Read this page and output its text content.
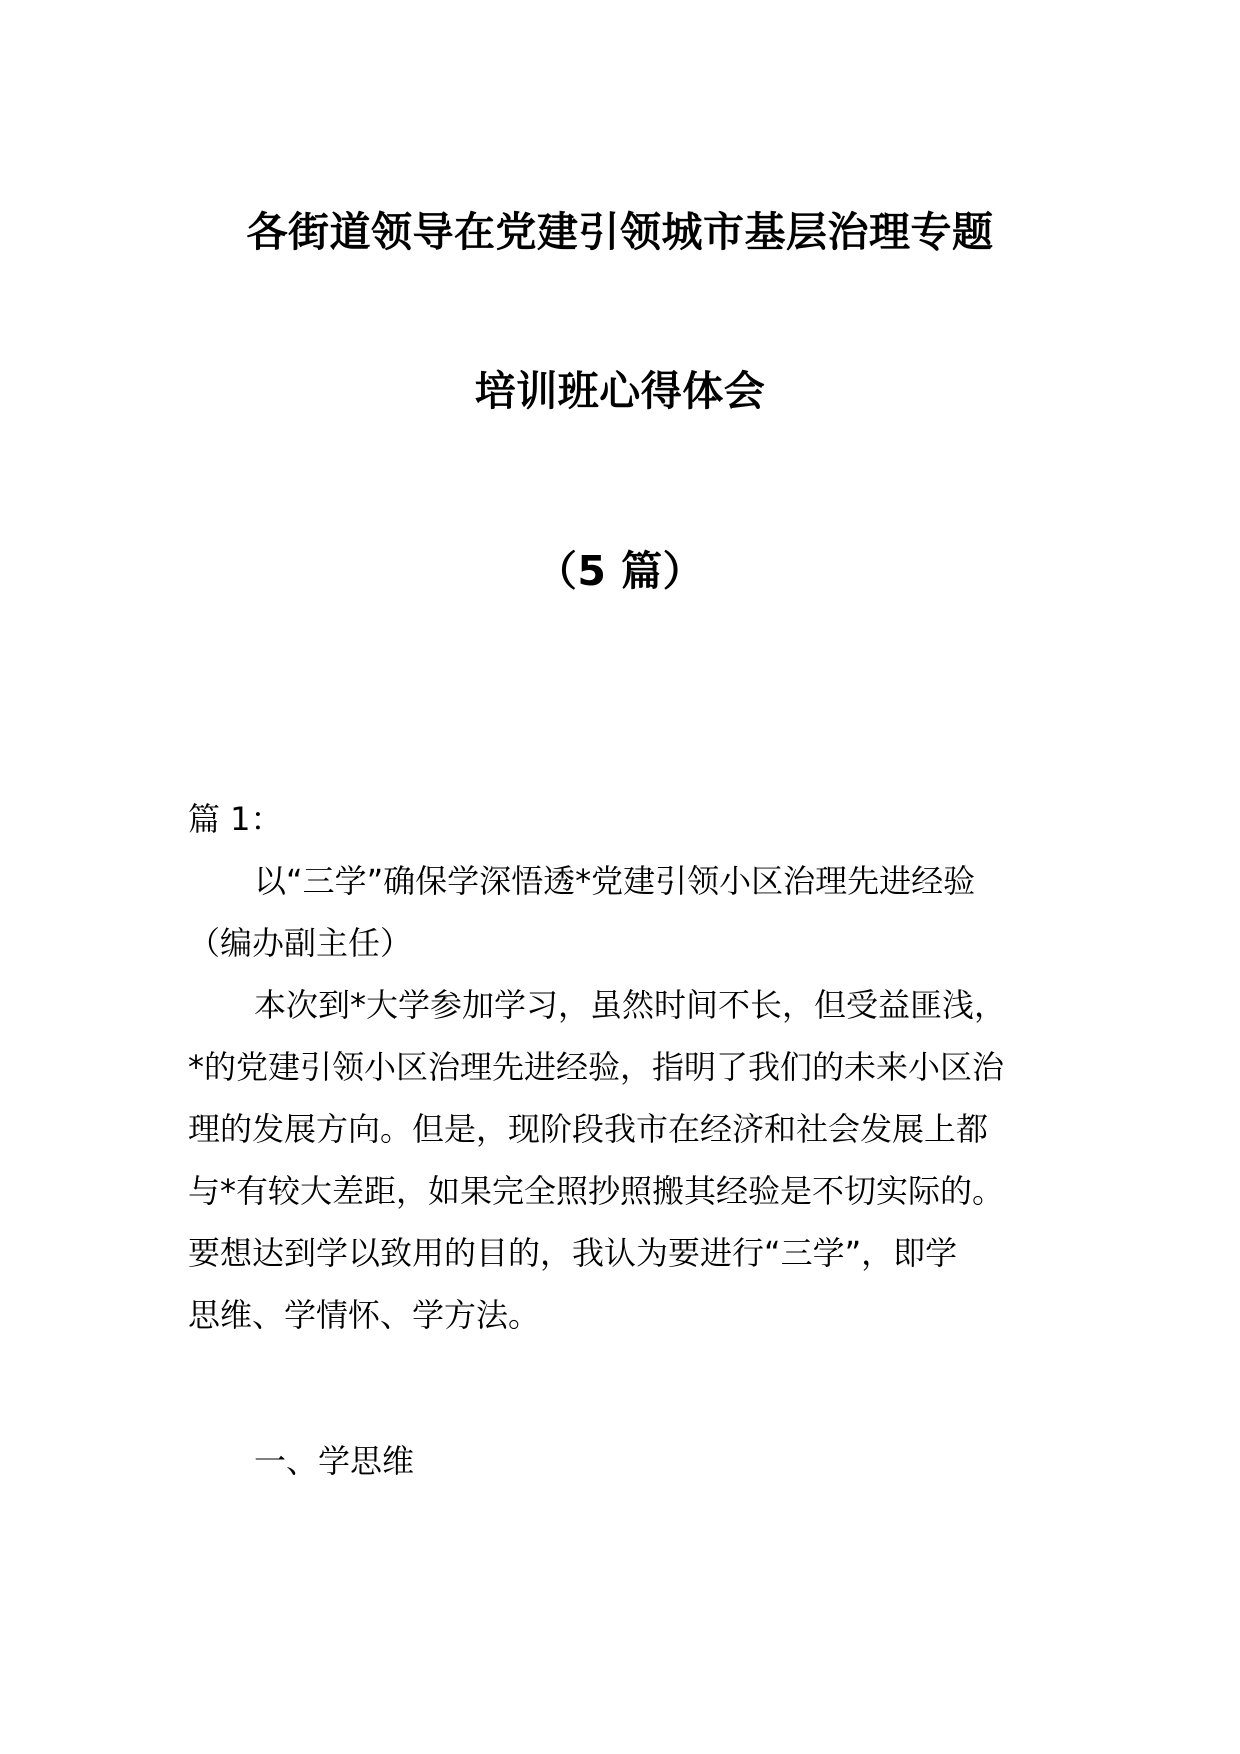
各街道领导在党建引领城市基层治理专题
培训班心得体会
（5 篇）
篇 1：
以“三学”确保学深悟透*党建引领小区治理先进经验
（编办副主任）
本次到*大学参加学习，虽然时间不长，但受益匪浅，
*的党建引领小区治理先进经验，指明了我们的未来小区治
理的发展方向。但是，现阶段我市在经济和社会发展上都
与*有较大差距，如果完全照抄照搬其经验是不切实际的。
要想达到学以致用的目的，我认为要进行“三学”，即学
思维、学情怀、学方法。
一、学思维
